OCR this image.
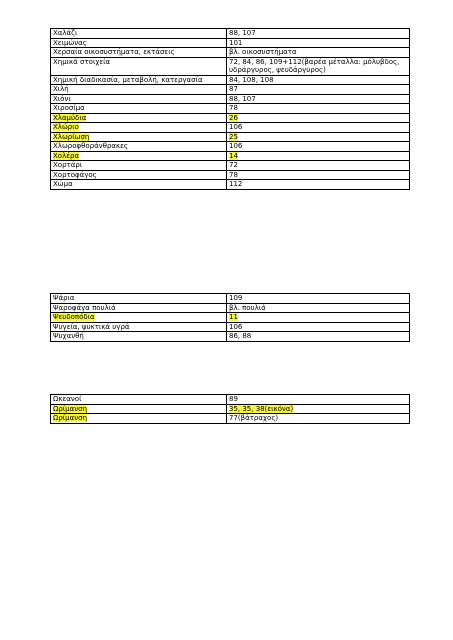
Χαλάζι	88, 107
Χειμώνας	101
Χερσαία οικοσυστήματα, εκτάσεις	βλ. οικοσυστήματα
Χημικά στοιχεία	72, 84, 86, 109+112(βαρέα μέταλλα: μόλυβδος, υδράργυρος, ψευδάργυρος)
Χημική διαδικασία, μεταβολή, κατεργασία	84, 108, 108
Χιλή	87
Χιόνι	88, 107
Χιροσίμα	78
Χλαμύδια	26
Χλώριο	106
Χλωρίωση	25
Χλωροφθοράνθρακες	106
Χολέρα	14
Χορτάρι	72
Χορτοφάγος	78
Χώμα	112
Ψάρια	109
Ψαροφάγα πουλιά	βλ. πουλιά
Ψευδοπόδια	11
Ψυγεία, ψυκτικά υγρά	106
Ψυχανθή	86, 88
Ωκεανοί	89
Ωρίμανση	35, 35, 38(εικόνα)
Ωρίμανση	77(βάτραχος)
